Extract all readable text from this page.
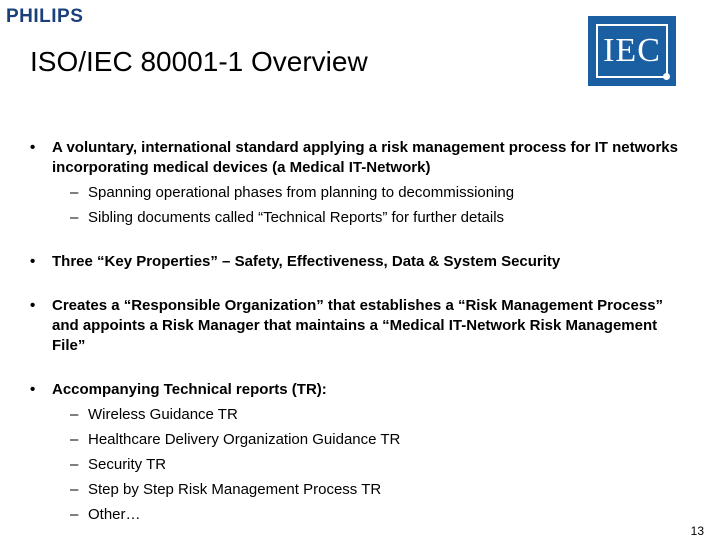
PHILIPS
ISO/IEC 80001-1 Overview	IEC
• A voluntary, international standard applying a risk management process for IT networks incorporating medical devices (a Medical IT-Network)
– Spanning operational phases from planning to decommissioning
– Sibling documents called “Technical Reports” for further details
• Three “Key Properties” – Safety, Effectiveness, Data & System Security
• Creates a “Responsible Organization” that establishes a “Risk Management Process” and appoints a Risk Manager that maintains a “Medical IT-Network Risk Management File”
• Accompanying Technical reports (TR):
– Wireless Guidance TR
– Healthcare Delivery Organization Guidance TR
– Security TR
– Step by Step Risk Management Process TR
– Other…
13
